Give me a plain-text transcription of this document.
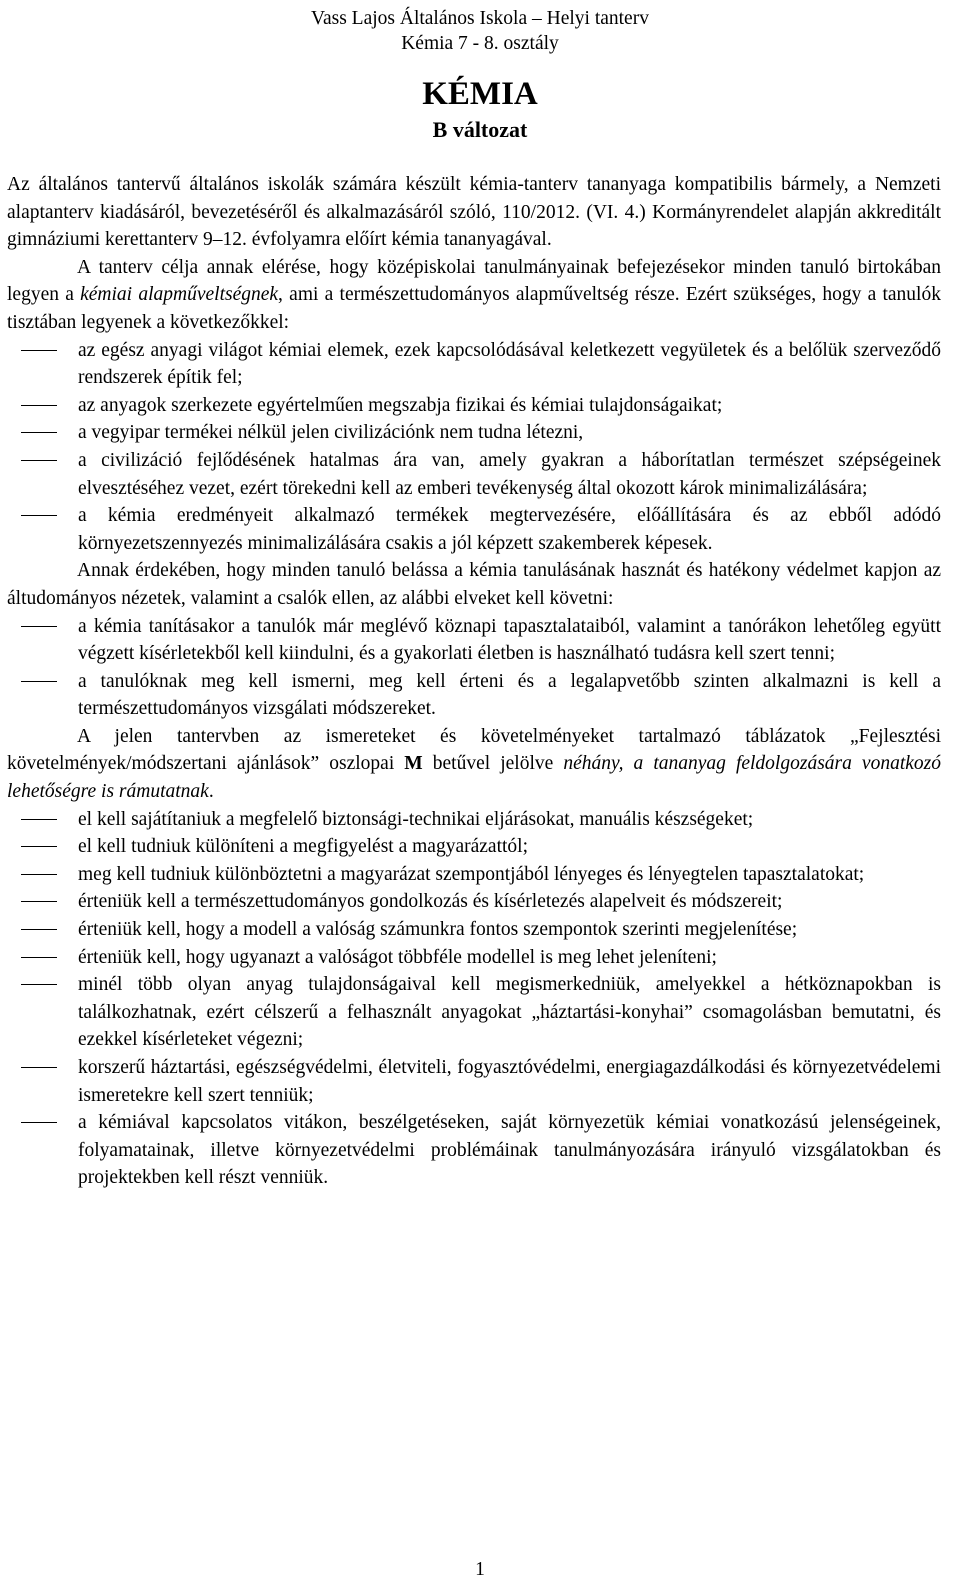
Vass Lajos Általános Iskola – Helyi tanterv
Kémia 7 - 8. osztály
KÉMIA
B változat

Az általános tantervű általános iskolák számára készült kémia-tanterv tananyaga kompatibilis bármely, a Nemzeti alaptanterv kiadásáról, bevezetéséről és alkalmazásáról szóló, 110/2012. (VI. 4.) Kormányrendelet alapján akkreditált gimnáziumi kerettanterv 9–12. évfolyamra előírt kémia tananyagával.

A tanterv célja annak elérése, hogy középiskolai tanulmányainak befejezésekor minden tanuló birtokában legyen a kémiai alapműveltségnek, ami a természettudományos alapműveltség része. Ezért szükséges, hogy a tanulók tisztában legyenek a következőkkel:

az egész anyagi világot kémiai elemek, ezek kapcsolódásával keletkezett vegyületek és a belőlük szerveződő rendszerek építik fel;
az anyagok szerkezete egyértelműen megszabja fizikai és kémiai tulajdonságaikat;
a vegyipar termékei nélkül jelen civilizációnk nem tudna létezni,
a civilizáció fejlődésének hatalmas ára van, amely gyakran a háborítatlan természet szépségeinek elvesztéséhez vezet, ezért törekedni kell az emberi tevékenység által okozott károk minimalizálására;
a kémia eredményeit alkalmazó termékek megtervezésére, előállítására és az ebből adódó környezetszennyezés minimalizálására csakis a jól képzett szakemberek képesek.

Annak érdekében, hogy minden tanuló belássa a kémia tanulásának hasznát és hatékony védelmet kapjon az áltudományos nézetek, valamint a csalók ellen, az alábbi elveket kell követni:

a kémia tanításakor a tanulók már meglévő köznapi tapasztalataiból, valamint a tanórákon lehetőleg együtt végzett kísérletekből kell kiindulni, és a gyakorlati életben is használható tudásra kell szert tenni;
a tanulóknak meg kell ismerni, meg kell érteni és a legalapvetőbb szinten alkalmazni is kell a természettudományos vizsgálati módszereket.

A jelen tantervben az ismereteket és követelményeket tartalmazó táblázatok „Fejlesztési követelmények/módszertani ajánlások” oszlopai M betűvel jelölve néhány, a tananyag feldolgozására vonatkozó lehetőségre is rámutatnak.

el kell sajátítaniuk a megfelelő biztonsági-technikai eljárásokat, manuális készségeket;
el kell tudniuk különíteni a megfigyelést a magyarázattól;
meg kell tudniuk különböztetni a magyarázat szempontjából lényeges és lényegtelen tapasztalatokat;
érteniük kell a természettudományos gondolkozás és kísérletezés alapelveit és módszereit;
érteniük kell, hogy a modell a valóság számunkra fontos szempontok szerinti megjelenítése;
érteniük kell, hogy ugyanazt a valóságot többféle modellel is meg lehet jeleníteni;
minél több olyan anyag tulajdonságaival kell megismerkedniük, amelyekkel a hétköznapokban is találkozhatnak, ezért célszerű a felhasznált anyagokat „háztartási-konyhai” csomagolásban bemutatni, és ezekkel kísérleteket végezni;
korszerű háztartási, egészségvédelmi, életviteli, fogyasztóvédelmi, energiagazdálkodási és környezetvédelemi ismeretekre kell szert tenniük;
a kémiával kapcsolatos vitákon, beszélgetéseken, saját környezetük kémiai vonatkozású jelenségeinek, folyamatainak, illetve környezetvédelmi problémáinak tanulmányozására irányuló vizsgálatokban és projektekben kell részt venniük.
1
